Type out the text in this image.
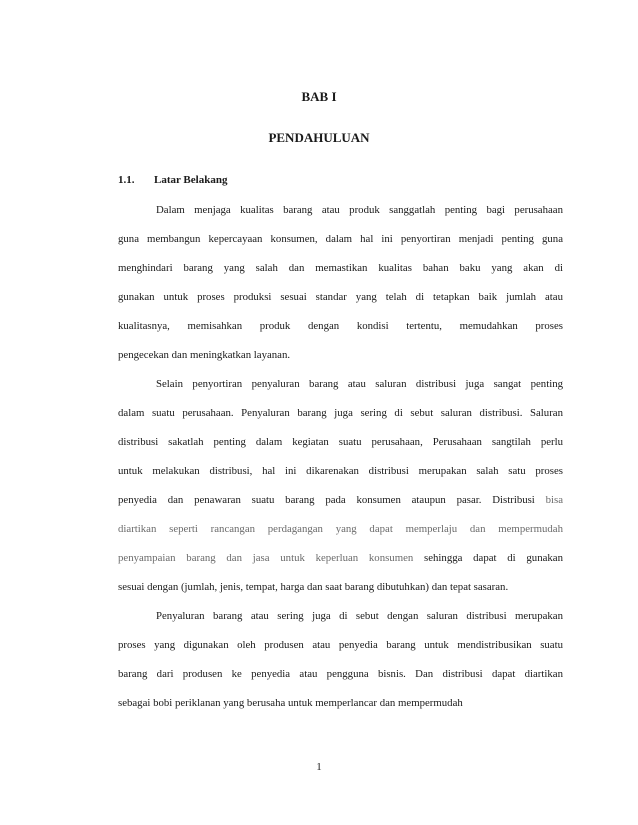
BAB I
PENDAHULUAN
1.1. Latar Belakang
Dalam menjaga kualitas barang atau produk sanggatlah penting bagi perusahaan
guna membangun kepercayaan konsumen, dalam hal ini penyortiran menjadi penting guna
menghindari barang yang salah dan memastikan kualitas bahan baku yang akan di
gunakan untuk proses produksi sesuai standar yang telah di tetapkan baik jumlah atau
kualitasnya, memisahkan produk dengan kondisi tertentu, memudahkan proses
pengecekan dan meningkatkan layanan.
Selain penyortiran penyaluran barang atau saluran distribusi juga sangat penting
dalam suatu perusahaan. Penyaluran barang juga sering di sebut saluran distribusi. Saluran
distribusi sakatlah penting dalam kegiatan suatu perusahaan, Perusahaan sangtilah perlu
untuk melakukan distribusi, hal ini dikarenakan distribusi merupakan salah satu proses
penyedia dan penawaran suatu barang pada konsumen ataupun pasar. Distribusi bisa
diartikan seperti rancangan perdagangan yang dapat memperlaju dan mempermudah
penyampaian barang dan jasa untuk keperluan konsumen sehingga dapat di gunakan
sesuai dengan (jumlah, jenis, tempat, harga dan saat barang dibutuhkan) dan tepat sasaran.
Penyaluran barang atau sering juga di sebut dengan saluran distribusi merupakan
proses yang digunakan oleh produsen atau penyedia barang untuk mendistribusikan suatu
barang dari produsen ke penyedia atau pengguna bisnis. Dan distribusi dapat diartikan
sebagai bobi periklanan yang berusaha untuk memperlancar dan mempermudah
1
